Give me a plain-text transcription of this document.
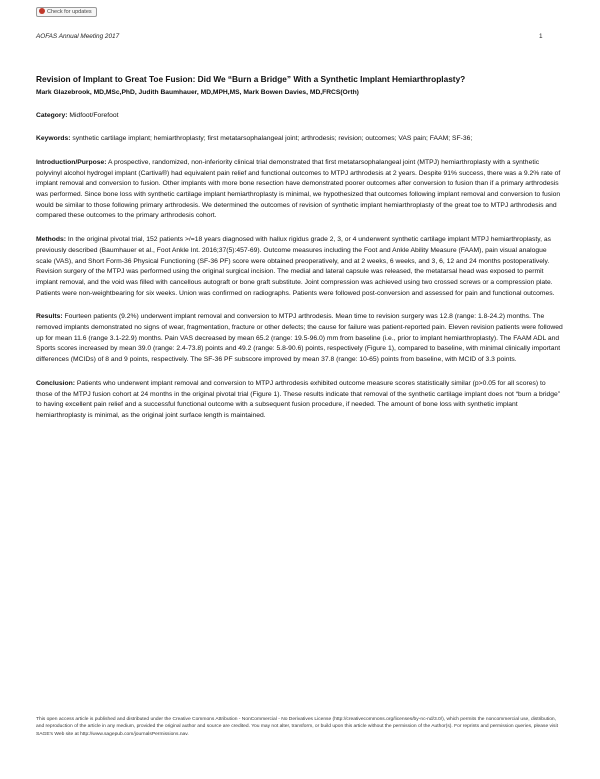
Check for updates
AOFAS Annual Meeting 2017	1
Revision of Implant to Great Toe Fusion: Did We “Burn a Bridge” With a Synthetic Implant Hemiarthroplasty?

Mark Glazebrook, MD,MSc,PhD, Judith Baumhauer, MD,MPH,MS, Mark Bowen Davies, MD,FRCS(Orth)

Category: Midfoot/Forefoot

Keywords: synthetic cartilage implant; hemiarthroplasty; first metatarsophalangeal joint; arthrodesis; revision; outcomes; VAS pain; FAAM; SF-36;

Introduction/Purpose: A prospective, randomized, non-inferiority clinical trial demonstrated that first metatarsophalangeal joint (MTPJ) hemiarthroplasty with a synthetic polyvinyl alcohol hydrogel implant (Cartiva®) had equivalent pain relief and functional outcomes to MTPJ arthrodesis at 2 years. Despite 91% success, there was a 9.2% rate of implant removal and conversion to fusion. Other implants with more bone resection have demonstrated poorer outcomes after conversion to fusion than if a primary arthrodesis was performed. Since bone loss with synthetic cartilage implant hemiarthroplasty is minimal, we hypothesized that outcomes following implant removal and conversion to fusion would be similar to those following primary arthrodesis. We determined the outcomes of revision of synthetic implant hemiarthroplasty of the great toe to MTPJ arthrodesis and compared these outcomes to the primary arthrodesis cohort.

Methods: In the original pivotal trial, 152 patients >/=18 years diagnosed with hallux rigidus grade 2, 3, or 4 underwent synthetic cartilage implant MTPJ hemiarthroplasty, as previously described (Baumhauer et al., Foot Ankle Int. 2016;37(5):457-69). Outcome measures including the Foot and Ankle Ability Measure (FAAM), pain visual analogue scale (VAS), and Short Form-36 Physical Functioning (SF-36 PF) score were obtained preoperatively, and at 2 weeks, 6 weeks, and 3, 6, 12 and 24 months postoperatively. Revision surgery of the MTPJ was performed using the original surgical incision. The medial and lateral capsule was released, the metatarsal head was exposed to permit implant removal, and the void was filled with cancellous autograft or bone graft substitute. Joint compression was achieved using two crossed screws or a compression plate. Patients were non-weightbearing for six weeks. Union was confirmed on radiographs. Patients were followed post-conversion and assessed for pain and functional outcomes.

Results: Fourteen patients (9.2%) underwent implant removal and conversion to MTPJ arthrodesis. Mean time to revision surgery was 12.8 (range: 1.8-24.2) months. The removed implants demonstrated no signs of wear, fragmentation, fracture or other defects; the cause for failure was patient-reported pain. Eleven revision patients were followed up for mean 11.6 (range 3.1-22.9) months. Pain VAS decreased by mean 65.2 (range: 19.5-96.0) mm from baseline (i.e., prior to implant hemiarthroplasty). The FAAM ADL and Sports scores increased by mean 39.0 (range: 2.4-73.8) points and 49.2 (range: 5.8-90.6) points, respectively (Figure 1), compared to baseline, with minimal clinically important differences (MCIDs) of 8 and 9 points, respectively. The SF-36 PF subscore improved by mean 37.8 (range: 10-65) points from baseline, with MCID of 3.3 points.

Conclusion: Patients who underwent implant removal and conversion to MTPJ arthrodesis exhibited outcome measure scores statistically similar (p>0.05 for all scores) to those of the MTPJ fusion cohort at 24 months in the original pivotal trial (Figure 1). These results indicate that removal of the synthetic cartilage implant does not “burn a bridge” to having excellent pain relief and a successful functional outcome with a subsequent fusion procedure, if needed. The amount of bone loss with synthetic implant hemiarthroplasty is minimal, as the original joint surface length is maintained.

This open access article is published and distributed under the Creative Commons Attribution - NonCommercial - No Derivatives License (http://creativecommons.org/licenses/by-nc-nd/3.0/), which permits the noncommercial use, distribution, and reproduction of the article in any medium, provided the original author and source are credited. You may not alter, transform, or build upon this article without the permission of the Author(s). For reprints and permission queries, please visit SAGE's Web site at http://www.sagepub.com/journalsPermissions.nav.
